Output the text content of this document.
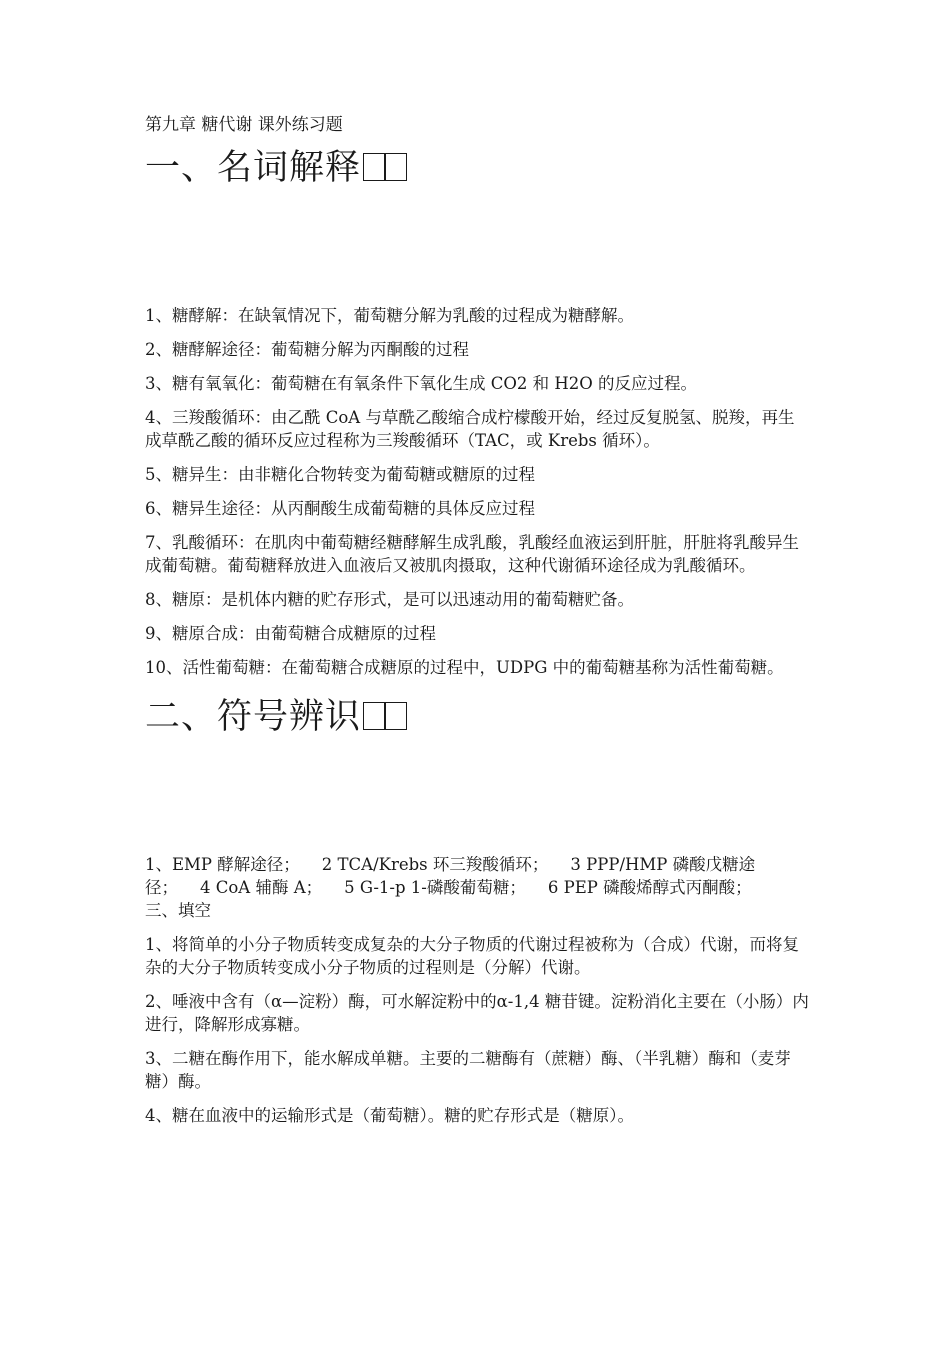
第九章 糖代谢 课外练习题
一、名词解释

1、糖酵解：在缺氧情况下，葡萄糖分解为乳酸的过程成为糖酵解。

2、糖酵解途径：葡萄糖分解为丙酮酸的过程

3、糖有氧氧化：葡萄糖在有氧条件下氧化生成 CO2 和 H2O 的反应过程。

4、三羧酸循环：由乙酰 CoA 与草酰乙酸缩合成柠檬酸开始，经过反复脱氢、脱羧，再生成草酰乙酸的循环反应过程称为三羧酸循环（TAC，或 Krebs 循环）。

5、糖异生：由非糖化合物转变为葡萄糖或糖原的过程

6、糖异生途径：从丙酮酸生成葡萄糖的具体反应过程

7、乳酸循环：在肌肉中葡萄糖经糖酵解生成乳酸，乳酸经血液运到肝脏，肝脏将乳酸异生成葡萄糖。葡萄糖释放进入血液后又被肌肉摄取，这种代谢循环途径成为乳酸循环。

8、糖原：是机体内糖的贮存形式，是可以迅速动用的葡萄糖贮备。

9、糖原合成：由葡萄糖合成糖原的过程

10、活性葡萄糖：在葡萄糖合成糖原的过程中，UDPG 中的葡萄糖基称为活性葡萄糖。

二、符号辨识

1、EMP 酵解途径； 2 TCA/Krebs 环三羧酸循环； 3 PPP/HMP 磷酸戊糖途径； 4 CoA 辅酶 A； 5 G-1-p 1-磷酸葡萄糖； 6 PEP 磷酸烯醇式丙酮酸；

三、填空

1、将简单的小分子物质转变成复杂的大分子物质的代谢过程被称为（合成）代谢，而将复杂的大分子物质转变成小分子物质的过程则是（分解）代谢。

2、唾液中含有（α—淀粉）酶，可水解淀粉中的α-1,4 糖苷键。淀粉消化主要在（小肠）内进行，降解形成寡糖。

3、二糖在酶作用下，能水解成单糖。主要的二糖酶有（蔗糖）酶、（半乳糖）酶和（麦芽糖）酶。

4、糖在血液中的运输形式是（葡萄糖）。糖的贮存形式是（糖原）。
